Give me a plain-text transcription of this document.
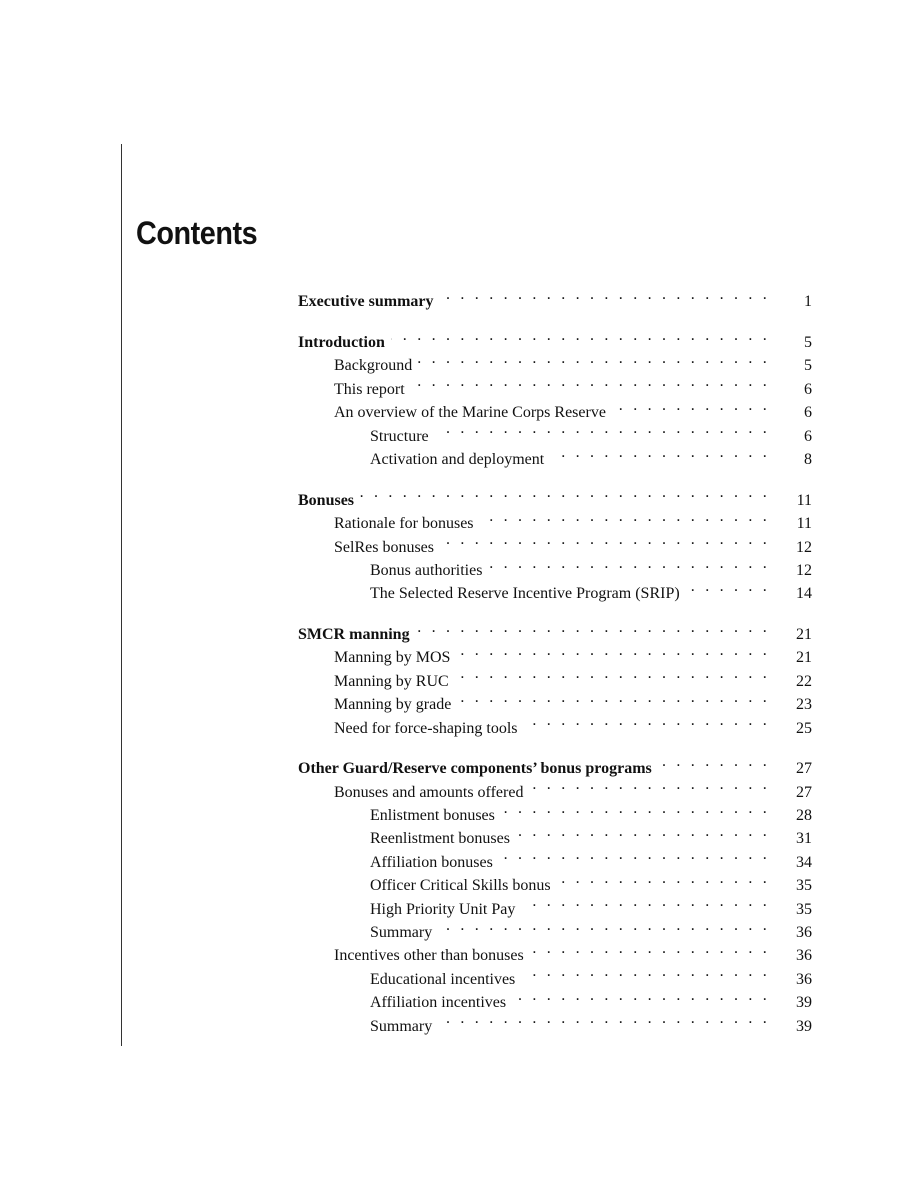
Contents
Executive summary . . .	1
Introduction . . .	5
Background . . .	5
This report . . .	6
An overview of the Marine Corps Reserve . . .	6
Structure . . .	6
Activation and deployment . . .	8
Bonuses . . .	11
Rationale for bonuses . . .	11
SelRes bonuses . . .	12
Bonus authorities . . .	12
The Selected Reserve Incentive Program (SRIP) . . .	14
SMCR manning . . .	21
Manning by MOS . . .	21
Manning by RUC . . .	22
Manning by grade . . .	23
Need for force-shaping tools . . .	25
Other Guard/Reserve components’ bonus programs . . .	27
Bonuses and amounts offered . . .	27
Enlistment bonuses . . .	28
Reenlistment bonuses . . .	31
Affiliation bonuses . . .	34
Officer Critical Skills bonus . . .	35
High Priority Unit Pay . . .	35
Summary . . .	36
Incentives other than bonuses . . .	36
Educational incentives . . .	36
Affiliation incentives . . .	39
Summary . . .	39
